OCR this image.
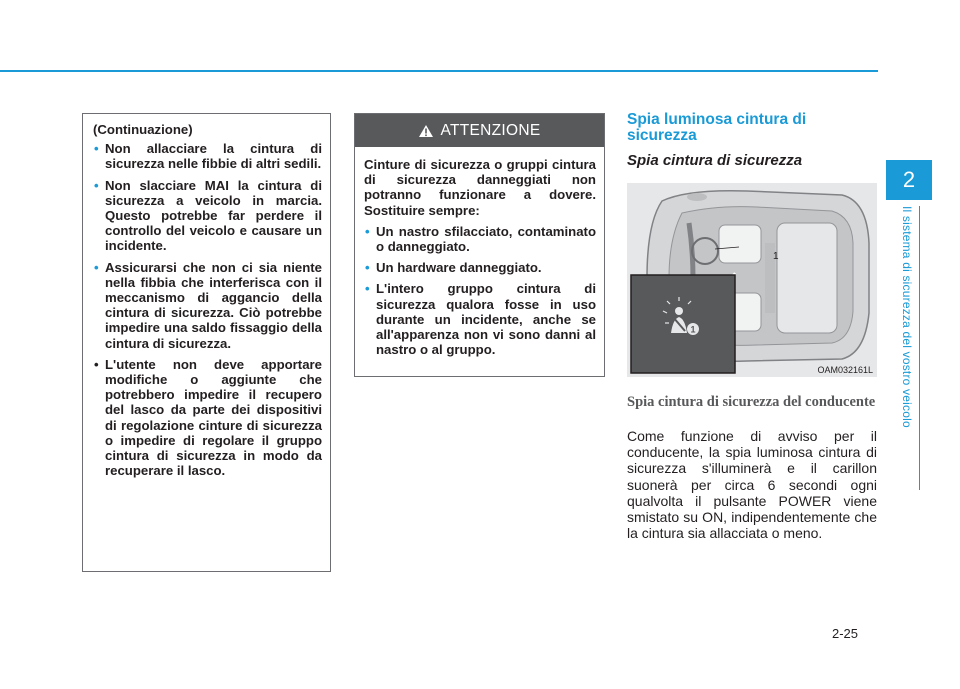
2
Il sistema di sicurezza del vostro veicolo
(Continuazione)
• Non allacciare la cintura di sicurezza nelle fibbie di altri sedili.
• Non slacciare MAI la cintura di sicurezza a veicolo in marcia. Questo potrebbe far perdere il controllo del veicolo e causare un incidente.
• Assicurarsi che non ci sia niente nella fibbia che interferisca con il meccanismo di aggancio della cintura di sicurezza. Ciò potrebbe impedire una saldo fissaggio della cintura di sicurezza.
• L'utente non deve apportare modifiche o aggiunte che potrebbero impedire il recupero del lasco da parte dei dispositivi di regolazione cinture di sicurezza o impedire di regolare il gruppo cintura di sicurezza in modo da recuperare il lasco.
ATTENZIONE

Cinture di sicurezza o gruppi cintura di sicurezza danneggiati non potranno funzionare a dovere. Sostituire sempre:

• Un nastro sfilacciato, contaminato o danneggiato.
• Un hardware danneggiato.
• L'intero gruppo cintura di sicurezza qualora fosse in uso durante un incidente, anche se all'apparenza non vi sono danni al nastro o al gruppo.
Spia luminosa cintura di sicurezza
Spia cintura di sicurezza
1
1
OAM032161L
Spia cintura di sicurezza del conducente
Come funzione di avviso per il conducente, la spia luminosa cintura di sicurezza s'illuminerà e il carillon suonerà per circa 6 secondi ogni qualvolta il pulsante POWER viene smistato su ON, indipendentemente che la cintura sia allacciata o meno.
2-25
